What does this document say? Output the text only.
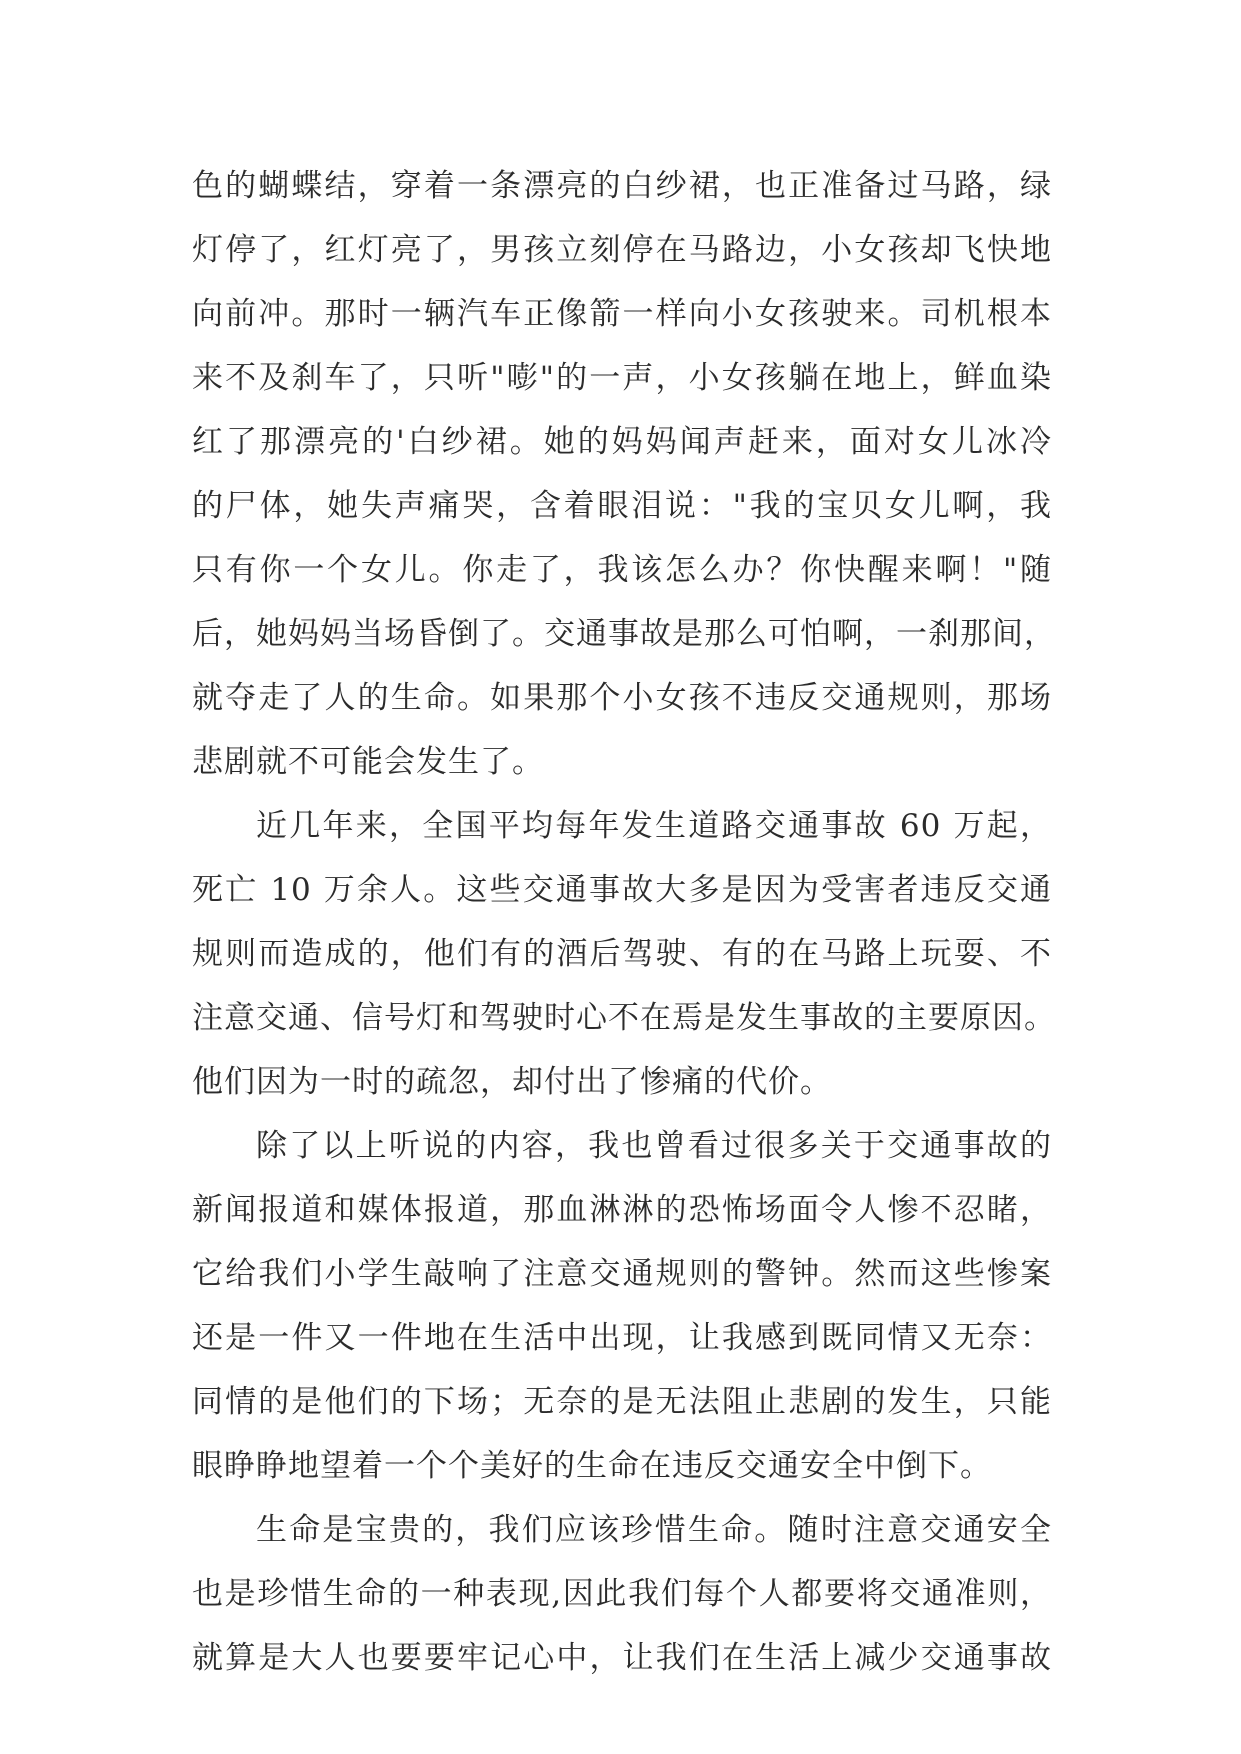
色的蝴蝶结，穿着一条漂亮的白纱裙，也正准备过马路，绿
灯停了，红灯亮了，男孩立刻停在马路边，小女孩却飞快地
向前冲。那时一辆汽车正像箭一样向小女孩驶来。司机根本
来不及刹车了，只听"嘭"的一声，小女孩躺在地上，鲜血染
红了那漂亮的'白纱裙。她的妈妈闻声赶来，面对女儿冰冷
的尸体，她失声痛哭，含着眼泪说："我的宝贝女儿啊，我
只有你一个女儿。你走了，我该怎么办？你快醒来啊！"随
后，她妈妈当场昏倒了。交通事故是那么可怕啊，一刹那间，
就夺走了人的生命。如果那个小女孩不违反交通规则，那场
悲剧就不可能会发生了。
近几年来，全国平均每年发生道路交通事故 60 万起，
死亡 10 万余人。这些交通事故大多是因为受害者违反交通
规则而造成的，他们有的酒后驾驶、有的在马路上玩耍、不
注意交通、信号灯和驾驶时心不在焉是发生事故的主要原因。
他们因为一时的疏忽，却付出了惨痛的代价。
除了以上听说的内容，我也曾看过很多关于交通事故的
新闻报道和媒体报道，那血淋淋的恐怖场面令人惨不忍睹，
它给我们小学生敲响了注意交通规则的警钟。然而这些惨案
还是一件又一件地在生活中出现，让我感到既同情又无奈：
同情的是他们的下场；无奈的是无法阻止悲剧的发生，只能
眼睁睁地望着一个个美好的生命在违反交通安全中倒下。
生命是宝贵的，我们应该珍惜生命。随时注意交通安全
也是珍惜生命的一种表现,因此我们每个人都要将交通准则，
就算是大人也要要牢记心中，让我们在生活上减少交通事故
